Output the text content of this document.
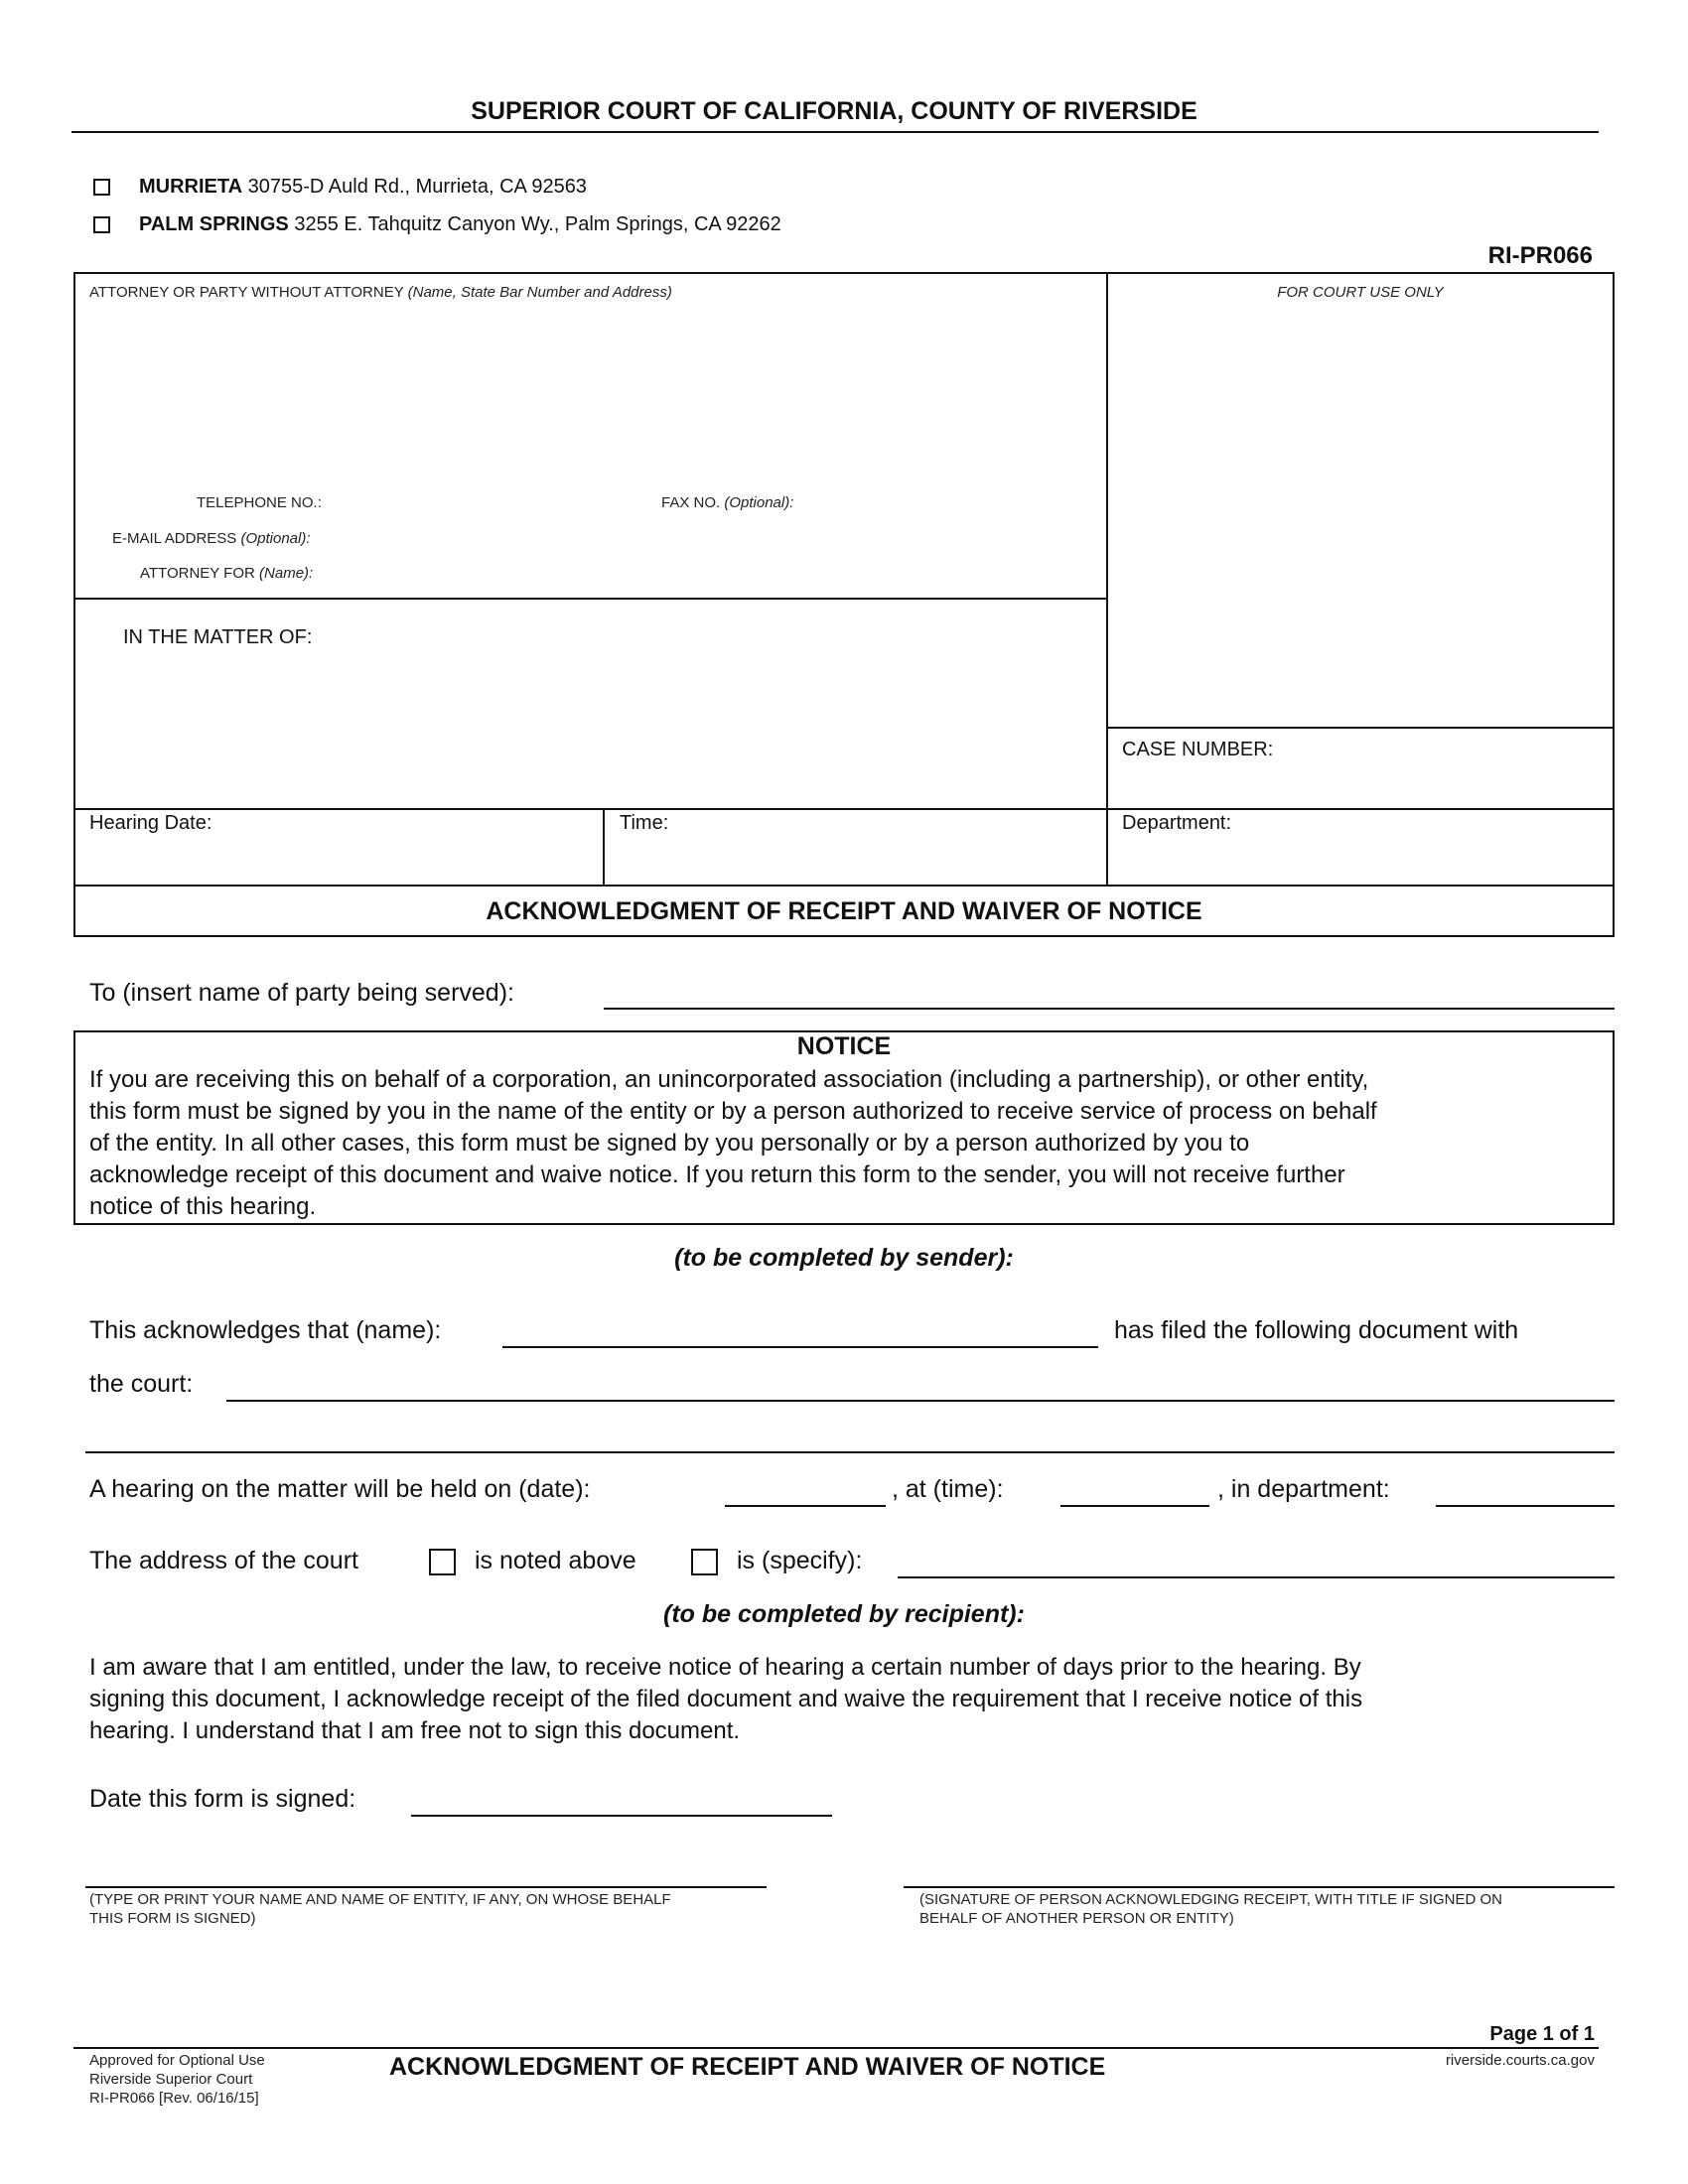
SUPERIOR COURT OF CALIFORNIA, COUNTY OF RIVERSIDE
MURRIETA 30755-D Auld Rd., Murrieta, CA 92563
PALM SPRINGS 3255 E. Tahquitz Canyon Wy., Palm Springs, CA 92262
RI-PR066
ATTORNEY OR PARTY WITHOUT ATTORNEY (Name, State Bar Number and Address)	FOR COURT USE ONLY
TELEPHONE NO.:	FAX NO. (Optional):
E-MAIL ADDRESS (Optional):
ATTORNEY FOR (Name):
IN THE MATTER OF:
CASE NUMBER:
Hearing Date:	Time:	Department:
ACKNOWLEDGMENT OF RECEIPT AND WAIVER OF NOTICE
To (insert name of party being served):
NOTICE
If you are receiving this on behalf of a corporation, an unincorporated association (including a partnership), or other entity,
this form must be signed by you in the name of the entity or by a person authorized to receive service of process on behalf
of the entity. In all other cases, this form must be signed by you personally or by a person authorized by you to
acknowledge receipt of this document and waive notice. If you return this form to the sender, you will not receive further
notice of this hearing.
(to be completed by sender):
This acknowledges that (name):	has filed the following document with
the court:
A hearing on the matter will be held on (date):	, at (time):	, in department:
The address of the court	is noted above	is (specify):
(to be completed by recipient):
I am aware that I am entitled, under the law, to receive notice of hearing a certain number of days prior to the hearing. By
signing this document, I acknowledge receipt of the filed document and waive the requirement that I receive notice of this
hearing. I understand that I am free not to sign this document.
Date this form is signed:
(TYPE OR PRINT YOUR NAME AND NAME OF ENTITY, IF ANY, ON WHOSE BEHALF
THIS FORM IS SIGNED)
(SIGNATURE OF PERSON ACKNOWLEDGING RECEIPT, WITH TITLE IF SIGNED ON
BEHALF OF ANOTHER PERSON OR ENTITY)
Page 1 of 1
Approved for Optional Use
Riverside Superior Court
RI-PR066 [Rev. 06/16/15]
ACKNOWLEDGMENT OF RECEIPT AND WAIVER OF NOTICE	riverside.courts.ca.gov
